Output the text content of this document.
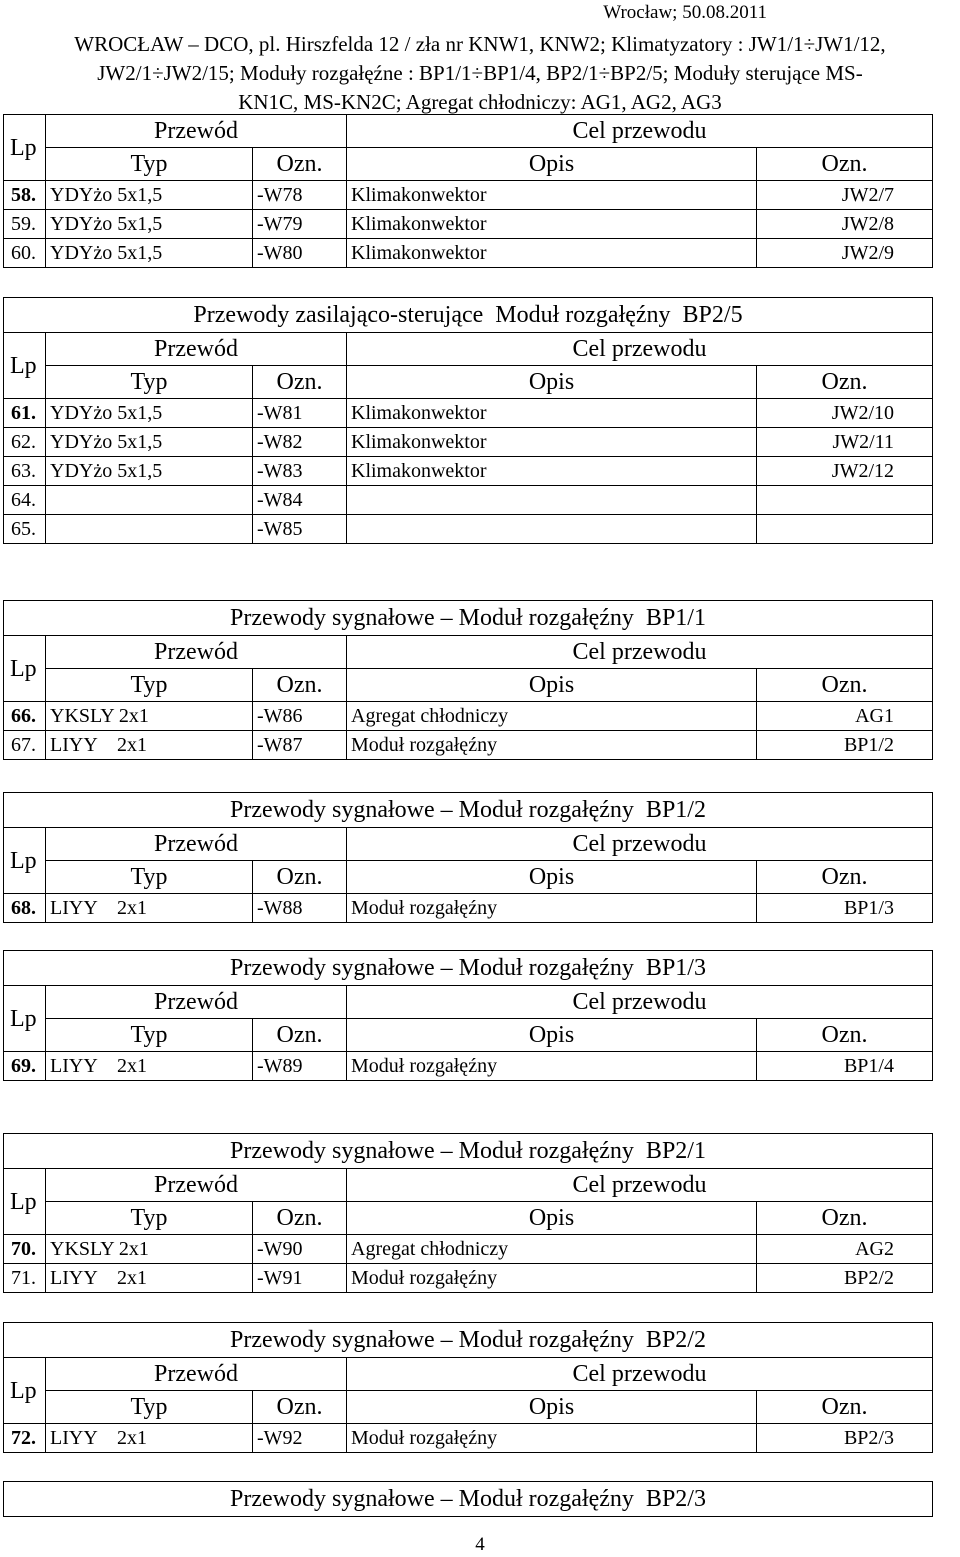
Wrocław; 50.08.2011
WROCŁAW – DCO, pl. Hirszfelda 12 / zła nr KNW1, KNW2; Klimatyzatory : JW1/1÷JW1/12,
JW2/1÷JW2/15; Moduły rozgałęźne : BP1/1÷BP1/4, BP2/1÷BP2/5; Moduły sterujące MS-
KN1C, MS-KN2C; Agregat chłodniczy: AG1, AG2, AG3
Lp	Przewód		Cel przewodu	
	Typ	Ozn.	Opis	Ozn.
58.	YDYżo 5x1,5	-W78	Klimakonwektor	JW2/7
59.	YDYżo 5x1,5	-W79	Klimakonwektor	JW2/8
60.	YDYżo 5x1,5	-W80	Klimakonwektor	JW2/9
Przewody zasilająco-sterujące  Moduł rozgałęźny  BP2/5				
Lp	Przewód		Cel przewodu	
	Typ	Ozn.	Opis	Ozn.
61.	YDYżo 5x1,5	-W81	Klimakonwektor	JW2/10
62.	YDYżo 5x1,5	-W82	Klimakonwektor	JW2/11
63.	YDYżo 5x1,5	-W83	Klimakonwektor	JW2/12
64.		-W84		
65.		-W85		
Przewody sygnałowe – Moduł rozgałęźny  BP1/1				
Lp	Przewód		Cel przewodu	
	Typ	Ozn.	Opis	Ozn.
66.	YKSLY 2x1	-W86	Agregat chłodniczy	AG1
67.	LIYY    2x1	-W87	Moduł rozgałęźny	BP1/2
Przewody sygnałowe – Moduł rozgałęźny  BP1/2				
Lp	Przewód		Cel przewodu	
	Typ	Ozn.	Opis	Ozn.
68.	LIYY    2x1	-W88	Moduł rozgałęźny	BP1/3
Przewody sygnałowe – Moduł rozgałęźny  BP1/3				
Lp	Przewód		Cel przewodu	
	Typ	Ozn.	Opis	Ozn.
69.	LIYY    2x1	-W89	Moduł rozgałęźny	BP1/4
Przewody sygnałowe – Moduł rozgałęźny  BP2/1				
Lp	Przewód		Cel przewodu	
	Typ	Ozn.	Opis	Ozn.
70.	YKSLY 2x1	-W90	Agregat chłodniczy	AG2
71.	LIYY    2x1	-W91	Moduł rozgałęźny	BP2/2
Przewody sygnałowe – Moduł rozgałęźny  BP2/2				
Lp	Przewód		Cel przewodu	
	Typ	Ozn.	Opis	Ozn.
72.	LIYY    2x1	-W92	Moduł rozgałęźny	BP2/3
Przewody sygnałowe – Moduł rozgałęźny  BP2/3
4
